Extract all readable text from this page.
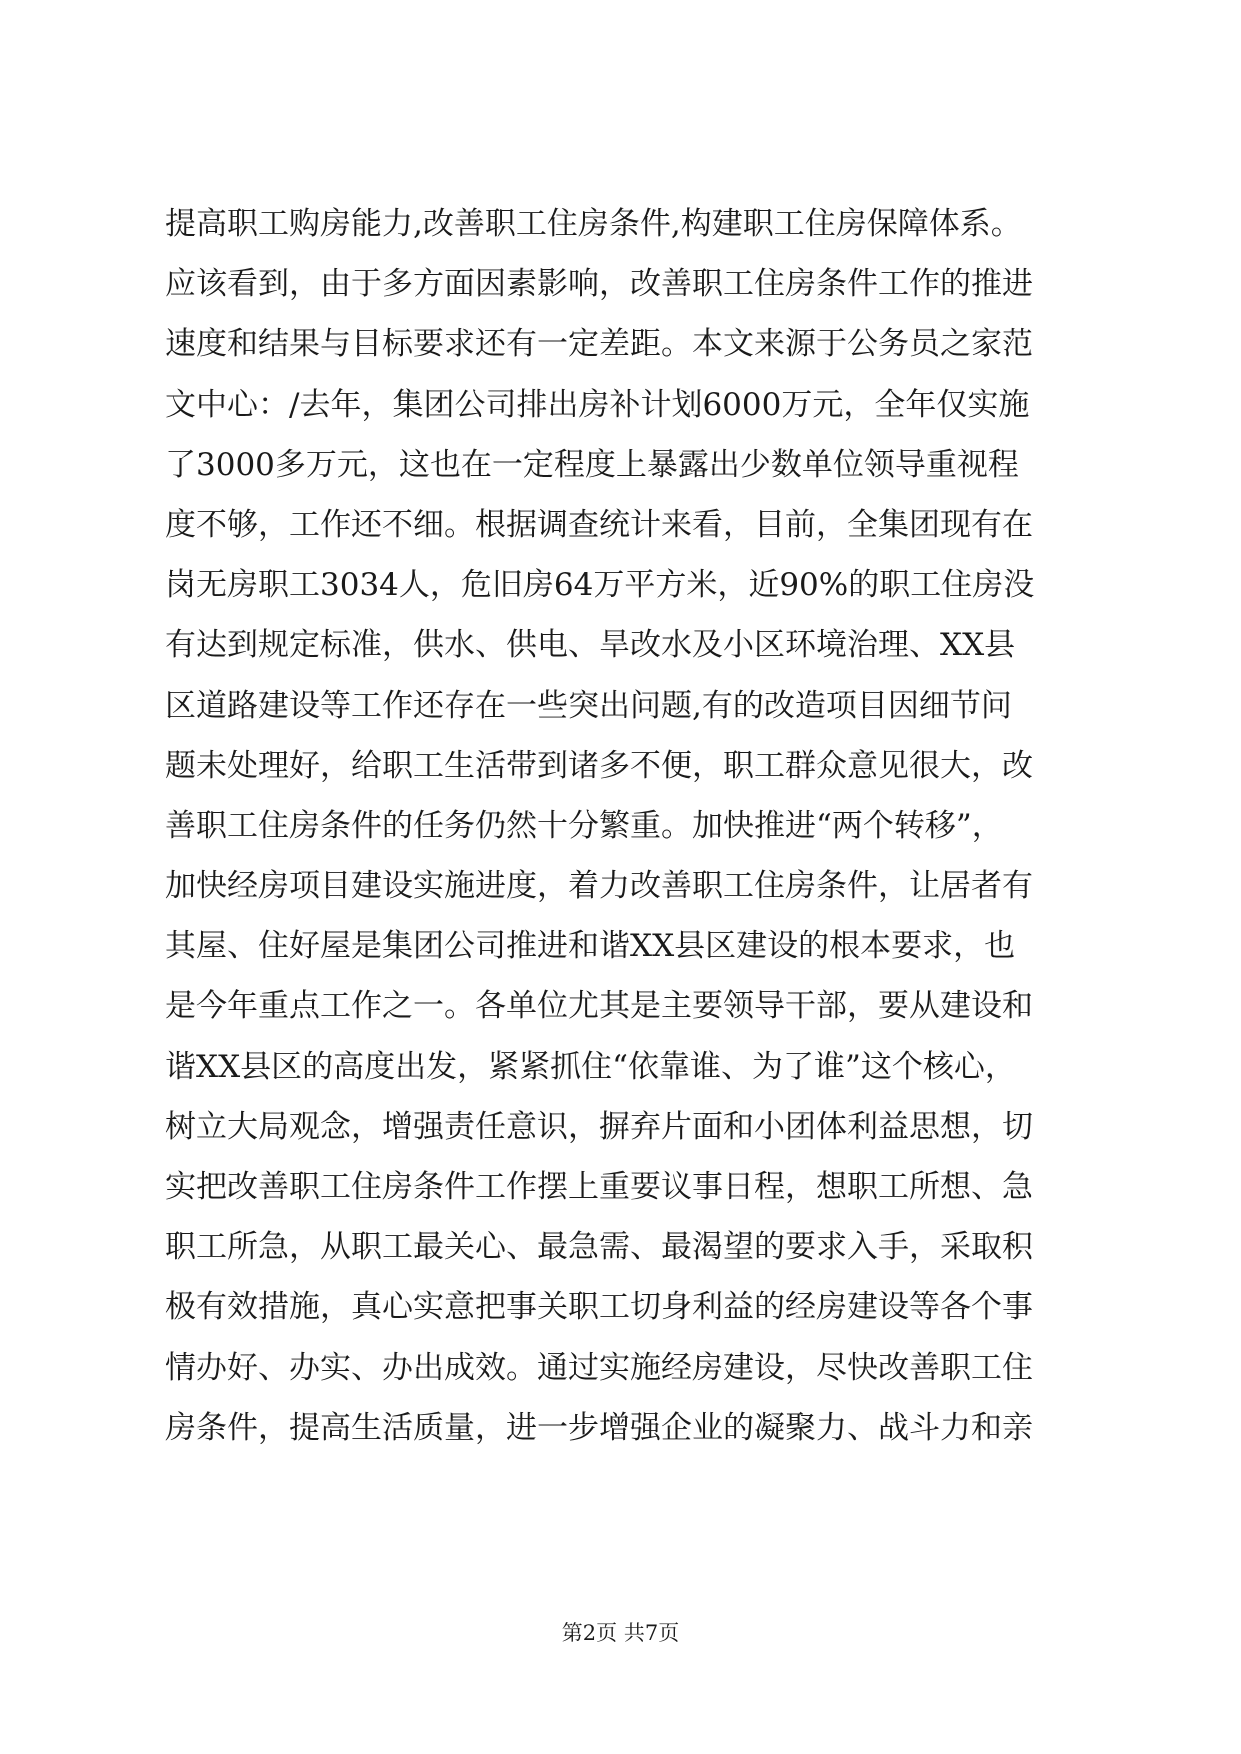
提高职工购房能力,改善职工住房条件,构建职工住房保障体系。
应该看到，由于多方面因素影响，改善职工住房条件工作的推进
速度和结果与目标要求还有一定差距。本文来源于公务员之家范
文中心：/去年，集团公司排出房补计划6000万元，全年仅实施
了3000多万元，这也在一定程度上暴露出少数单位领导重视程
度不够，工作还不细。根据调查统计来看，目前，全集团现有在
岗无房职工3034人，危旧房64万平方米，近90%的职工住房没
有达到规定标准，供水、供电、旱改水及小区环境治理、XX县
区道路建设等工作还存在一些突出问题,有的改造项目因细节问
题未处理好，给职工生活带到诸多不便，职工群众意见很大，改
善职工住房条件的任务仍然十分繁重。加快推进“两个转移”，
加快经房项目建设实施进度，着力改善职工住房条件，让居者有
其屋、住好屋是集团公司推进和谐XX县区建设的根本要求，也
是今年重点工作之一。各单位尤其是主要领导干部，要从建设和
谐XX县区的高度出发，紧紧抓住“依靠谁、为了谁”这个核心，
树立大局观念，增强责任意识，摒弃片面和小团体利益思想，切
实把改善职工住房条件工作摆上重要议事日程，想职工所想、急
职工所急，从职工最关心、最急需、最渴望的要求入手，采取积
极有效措施，真心实意把事关职工切身利益的经房建设等各个事
情办好、办实、办出成效。通过实施经房建设，尽快改善职工住
房条件，提高生活质量，进一步增强企业的凝聚力、战斗力和亲
第2页 共7页
